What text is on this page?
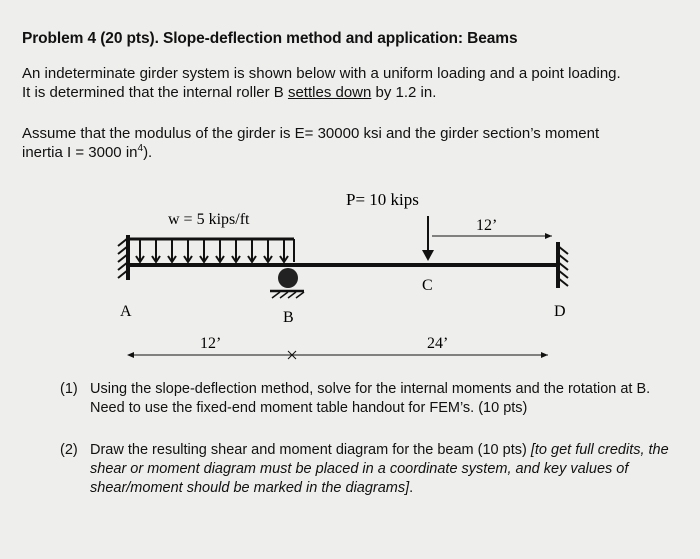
Problem 4 (20 pts). Slope-deflection method and application: Beams
An indeterminate girder system is shown below with a uniform loading and a point loading.
It is determined that the internal roller B settles down by 1.2 in.
Assume that the modulus of the girder is E= 30000 ksi and the girder section’s moment
inertia I = 3000 $in^4$).
w = 5 kips/ft
P= 10 kips
12’
A	B
C
D
12’	24’
(1) Using the slope-deflection method, solve for the internal moments and the rotation at B. Need to use the fixed-end moment table handout for FEM’s. (10 pts)
(2) Draw the resulting shear and moment diagram for the beam (10 pts) [to get full credits, the shear or moment diagram must be placed in a coordinate system, and key values of shear/moment should be marked in the diagrams].
